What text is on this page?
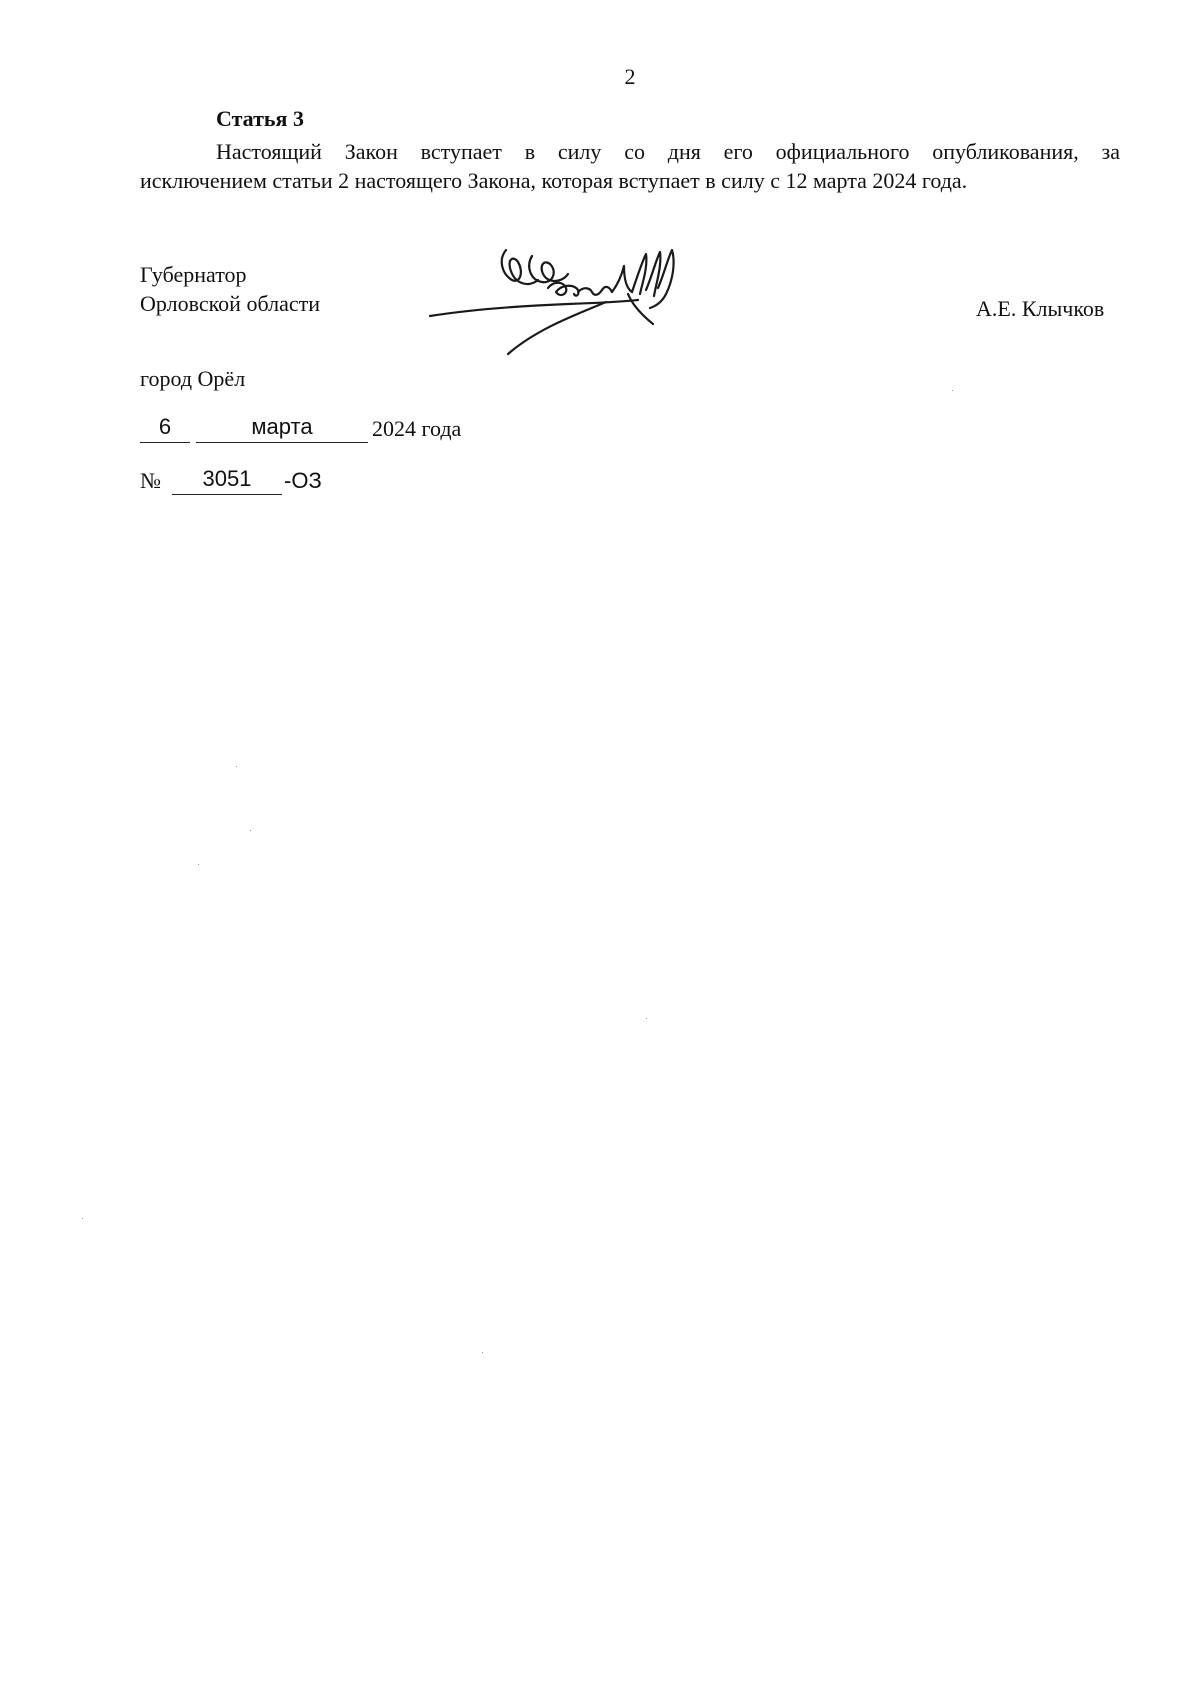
2
Статья 3
Настоящий Закон вступает в силу со дня его официального опубликования, за
исключением статьи 2 настоящего Закона, которая вступает в силу с 12 марта 2024 года.
Губернатор
Орловской области	А.Е. Клычков
город Орёл
6	марта	2024 года
№	3051	-ОЗ
